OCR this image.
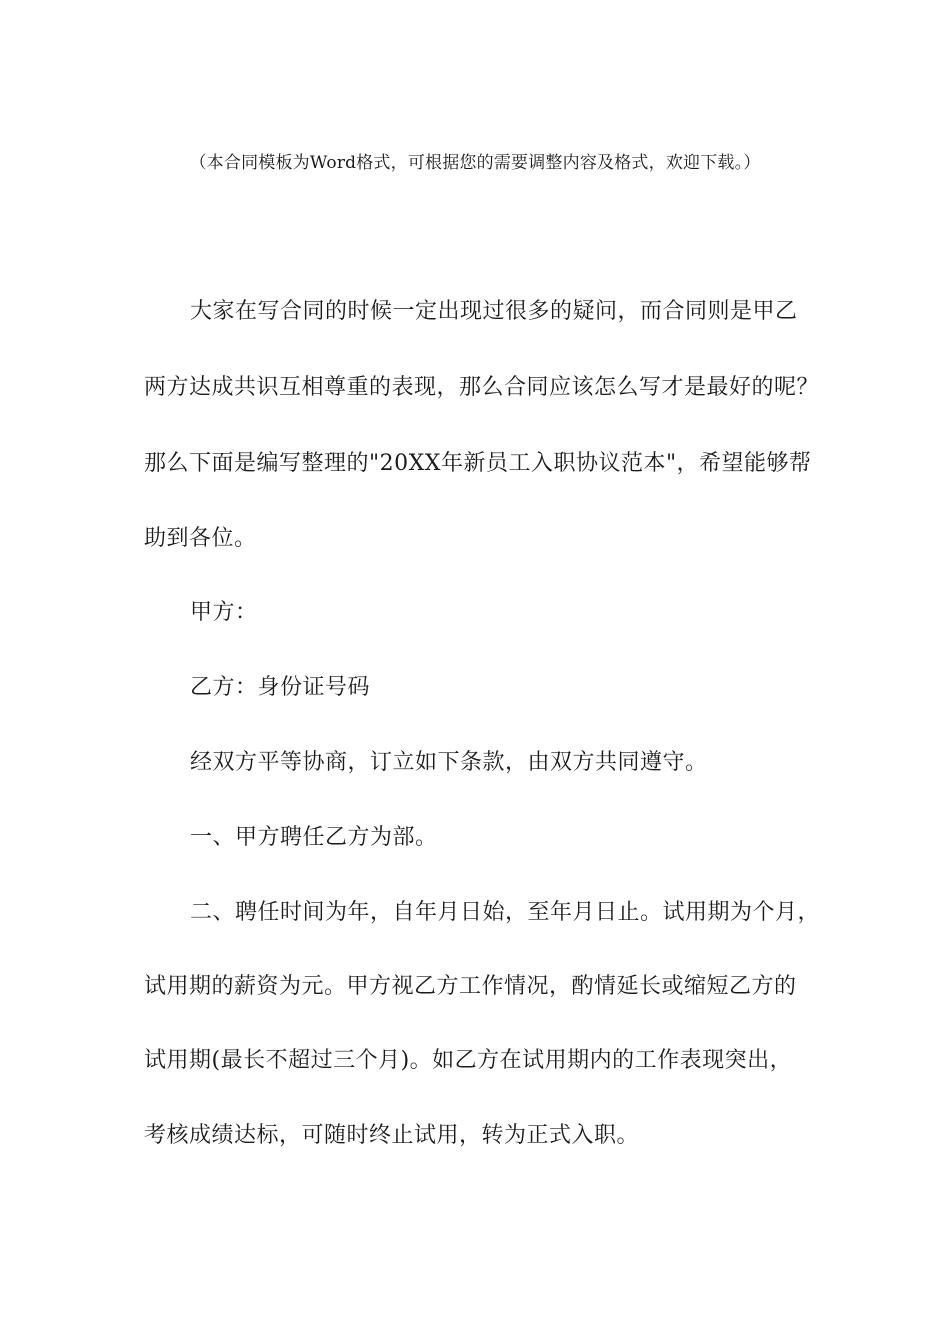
（本合同模板为Word格式，可根据您的需要调整内容及格式，欢迎下载。）
大家在写合同的时候一定出现过很多的疑问，而合同则是甲乙
两方达成共识互相尊重的表现，那么合同应该怎么写才是最好的呢？
那么下面是编写整理的"20XX年新员工入职协议范本"，希望能够帮
助到各位。
甲方：
乙方：身份证号码
经双方平等协商，订立如下条款，由双方共同遵守。
一、甲方聘任乙方为部。
二、聘任时间为年，自年月日始，至年月日止。试用期为个月，
试用期的薪资为元。甲方视乙方工作情况，酌情延长或缩短乙方的
试用期(最长不超过三个月)。如乙方在试用期内的工作表现突出，
考核成绩达标，可随时终止试用，转为正式入职。
